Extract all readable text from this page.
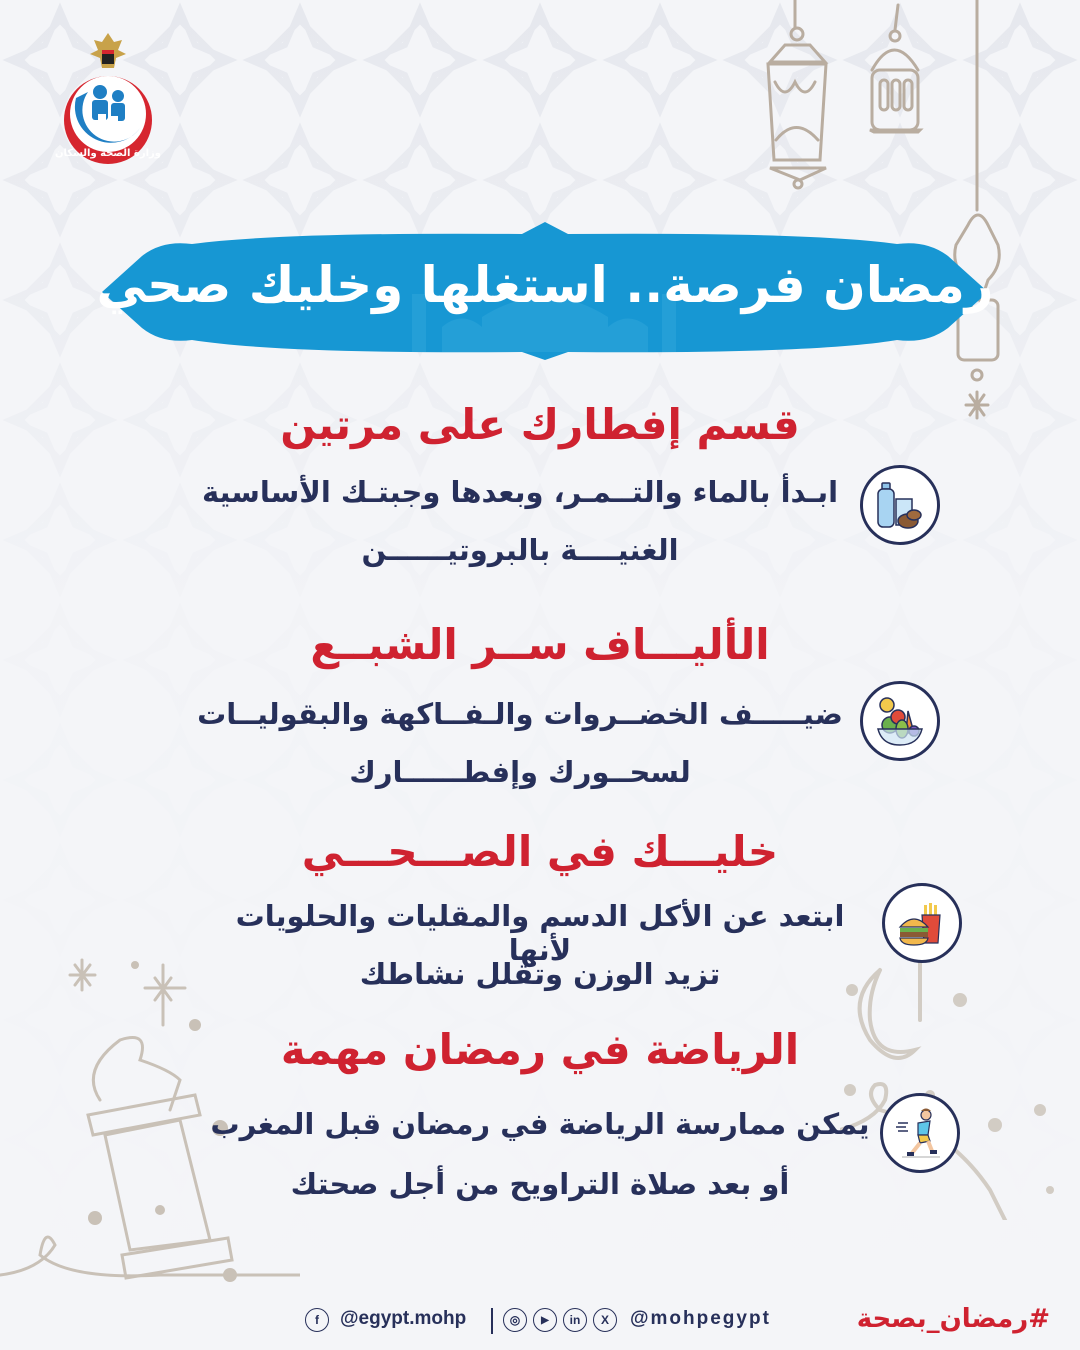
وزارة الصحة والسكان
رمضان فرصة.. استغلها وخليك صحي
قسم إفطارك على مرتين
ابـدأ بالماء والتــمـر، وبعدها وجبتـك الأساسية
الغنيــــة بالبروتيــــــن
الأليـــاف ســر الشبــع
ضيـــــف الخضــروات والـفــاكهة والبقوليــات
لسحــورك وإفطــــــارك
خليـــك في الصـــحـــي
ابتعد عن الأكل الدسم والمقليات والحلويات لأنها
تزيد الوزن وتقلل نشاطك
الرياضة في رمضان مهمة
يمكن ممارسة الرياضة في رمضان قبل المغرب
أو بعد صلاة التراويح من أجل صحتك
f	@egypt.mohp	◎	▶	in	X	@mohpegypt	#رمضان_بصحة
